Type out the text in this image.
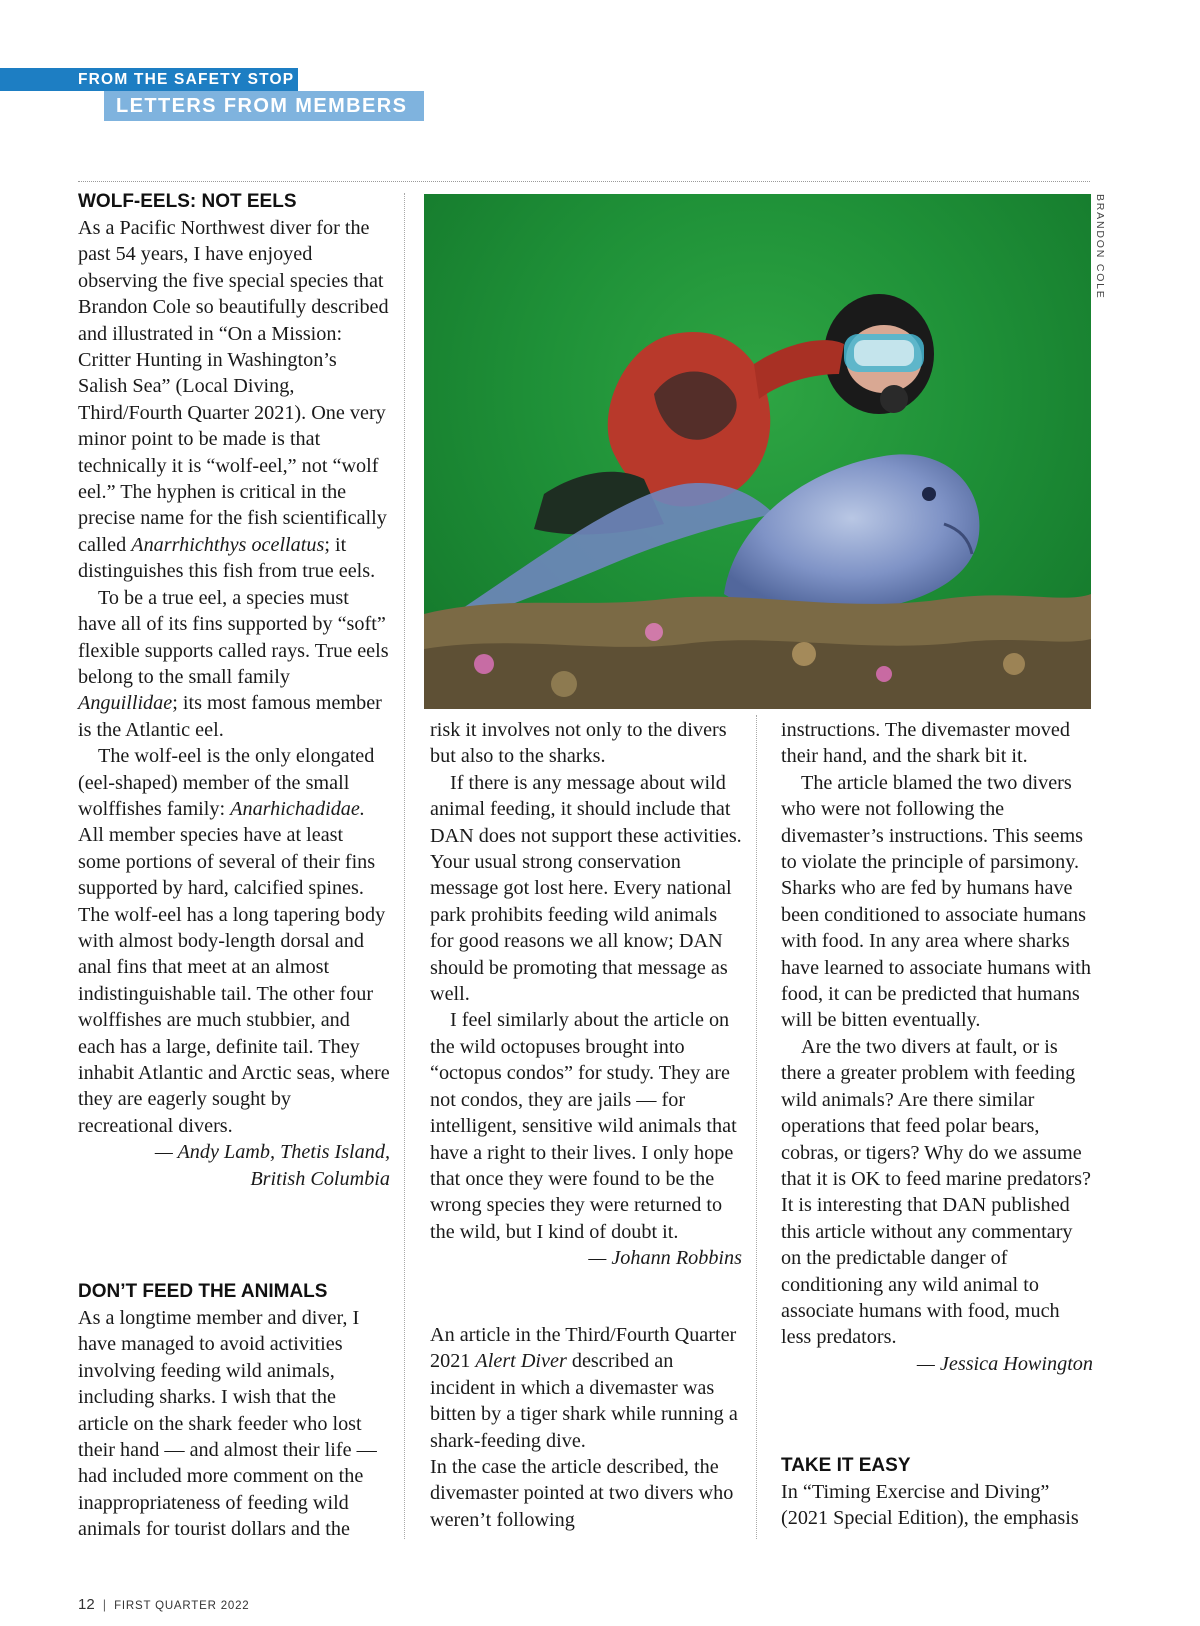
FROM THE SAFETY STOP
LETTERS FROM MEMBERS
BRANDON COLE
WOLF-EELS: NOT EELS

As a Pacific Northwest diver for the past 54 years, I have enjoyed observing the five special species that Brandon Cole so beautifully described and illustrated in “On a Mission: Critter Hunting in Washington’s Salish Sea” (Local Diving, Third/Fourth Quarter 2021). One very minor point to be made is that technically it is “wolf-eel,” not “wolf eel.” The hyphen is critical in the precise name for the fish scientifically called Anarrhichthys ocellatus; it distinguishes this fish from true eels.

To be a true eel, a species must have all of its fins supported by “soft” flexible supports called rays. True eels belong to the small family Anguillidae; its most famous member is the Atlantic eel.

The wolf-eel is the only elongated (eel-shaped) member of the small wolffishes family: Anarhichadidae. All member species have at least some portions of several of their fins supported by hard, calcified spines. The wolf-eel has a long tapering body with almost body-length dorsal and anal fins that meet at an almost indistinguishable tail. The other four wolffishes are much stubbier, and each has a large, definite tail. They inhabit Atlantic and Arctic seas, where they are eagerly sought by recreational divers.

— Andy Lamb, Thetis Island,

British Columbia

DON’T FEED THE ANIMALS

As a longtime member and diver, I have managed to avoid activities involving feeding wild animals, including sharks. I wish that the article on the shark feeder who lost their hand — and almost their life — had included more comment on the inappropriateness of feeding wild animals for tourist dollars and the

risk it involves not only to the divers but also to the sharks.

If there is any message about wild animal feeding, it should include that DAN does not support these activities. Your usual strong conservation message got lost here. Every national park prohibits feeding wild animals for good reasons we all know; DAN should be promoting that message as well.

I feel similarly about the article on the wild octopuses brought into “octopus condos” for study. They are not condos, they are jails — for intelligent, sensitive wild animals that have a right to their lives. I only hope that once they were found to be the wrong species they were returned to the wild, but I kind of doubt it.

— Johann Robbins

An article in the Third/Fourth Quarter 2021 Alert Diver described an incident in which a divemaster was bitten by a tiger shark while running a shark-feeding dive.

In the case the article described, the divemaster pointed at two divers who weren’t following

instructions. The divemaster moved their hand, and the shark bit it.

The article blamed the two divers who were not following the divemaster’s instructions. This seems to violate the principle of parsimony. Sharks who are fed by humans have been conditioned to associate humans with food. In any area where sharks have learned to associate humans with food, it can be predicted that humans will be bitten eventually.

Are the two divers at fault, or is there a greater problem with feeding wild animals? Are there similar operations that feed polar bears, cobras, or tigers? Why do we assume that it is OK to feed marine predators? It is interesting that DAN published this article without any commentary on the predictable danger of conditioning any wild animal to associate humans with food, much less predators.

— Jessica Howington

TAKE IT EASY

In “Timing Exercise and Diving” (2021 Special Edition), the emphasis

12 | FIRST QUARTER 2022
